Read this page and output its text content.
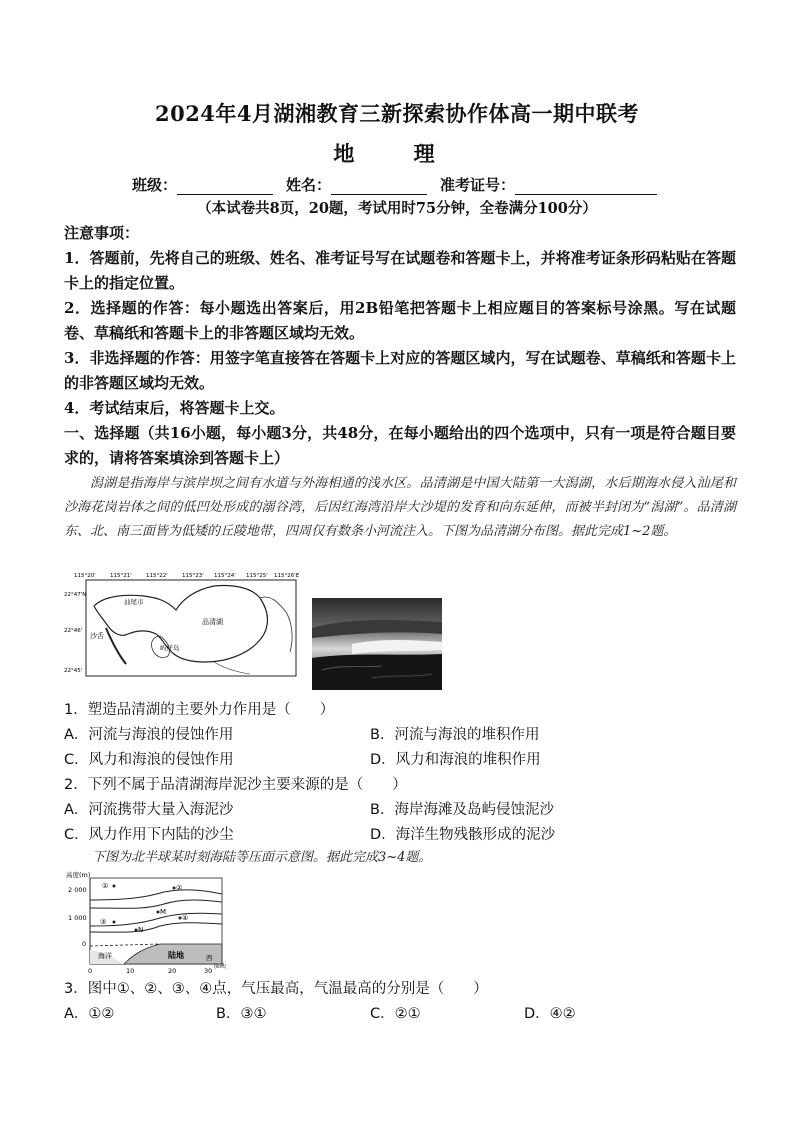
2024年4月湖湘教育三新探索协作体高一期中联考
地 理
班级：	姓名：	准考证号：
（本试卷共8页，20题，考试用时75分钟，全卷满分100分）
注意事项：
1．答题前，先将自己的班级、姓名、准考证号写在试题卷和答题卡上，并将准考证条形码粘贴在答题卡上的指定位置。
2．选择题的作答：每小题选出答案后，用2B铅笔把答题卡上相应题目的答案标号涂黑。写在试题卷、草稿纸和答题卡上的非答题区域均无效。
3．非选择题的作答：用签字笔直接答在答题卡上对应的答题区域内，写在试题卷、草稿纸和答题卡上的非答题区域均无效。
4．考试结束后，将答题卡上交。
一、选择题（共16小题，每小题3分，共48分，在每小题给出的四个选项中，只有一项是符合题目要求的，请将答案填涂到答题卡上）
潟湖是指海岸与滨岸坝之间有水道与外海相通的浅水区。品清湖是中国大陆第一大潟湖，水后期海水侵入汕尾和沙海花岗岩体之间的低凹处形成的溺谷湾，后因红海湾沿岸大沙堤的发育和向东延伸，而被半封闭为“潟湖”。品清湖东、北、南三面皆为低矮的丘陵地带，四周仅有数条小河流注入。下图为品清湖分布图。据此完成1~2题。
115°20'	115°21'	115°22'	115°23' 115°24' 115°25' 115°26'E
22°47'N
22°46'
22°45'
汕尾市
品清湖
沙舌
屿仔岛
1．塑造品清湖的主要外力作用是（　　）
A．河流与海浪的侵蚀作用	B．河流与海浪的堆积作用
C．风力和海浪的侵蚀作用	D．风力和海浪的堆积作用
2．下列不属于品清湖海岸泥沙主要来源的是（　　）
A．河流携带大量入海泥沙	B．海岸海滩及岛屿侵蚀泥沙
C．风力作用下内陆的沙尘	D．海洋生物残骸形成的泥沙
下图为北半球某时刻海陆等压面示意图。据此完成3~4题。
高度(m)
2 000
1 000
0
0	10	20	30 (km)
海洋	陆地	西
①	②
③	④
M
N
3．图中①、②、③、④点，气压最高，气温最高的分别是（　　）
A．①②	B．③①	C．②①	D．④②
